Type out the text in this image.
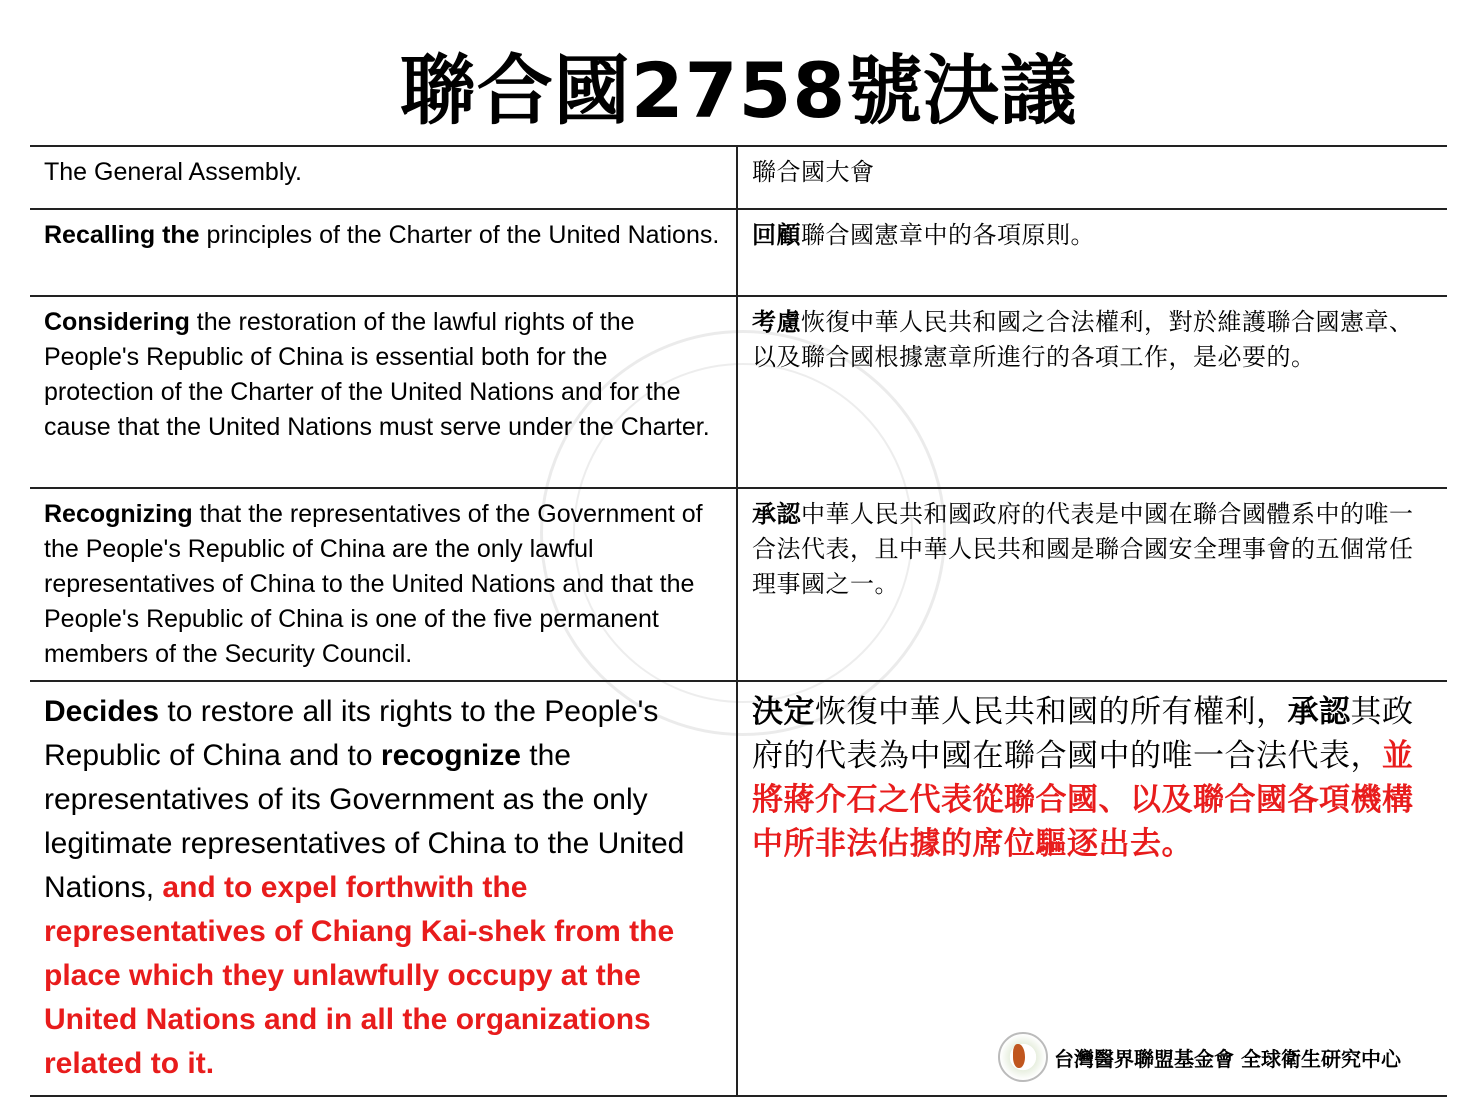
聯合國2758號決議
The General Assembly.	聯合國大會
Recalling the principles of the Charter of the United Nations.	回顧聯合國憲章中的各項原則。
Considering the restoration of the lawful rights of the People's Republic of China is essential both for the protection of the Charter of the United Nations and for the cause that the United Nations must serve under the Charter.
考慮恢復中華人民共和國之合法權利，對於維護聯合國憲章、以及聯合國根據憲章所進行的各項工作，是必要的。
Recognizing that the representatives of the Government of the People's Republic of China are the only lawful representatives of China to the United Nations and that the People's Republic of China is one of the five permanent members of the Security Council.
承認中華人民共和國政府的代表是中國在聯合國體系中的唯一合法代表，且中華人民共和國是聯合國安全理事會的五個常任理事國之一。
Decides to restore all its rights to the People's Republic of China and to recognize the representatives of its Government as the only legitimate representatives of China to the United Nations, and to expel forthwith the representatives of Chiang Kai-shek from the place which they unlawfully occupy at the United Nations and in all the organizations related to it.
決定恢復中華人民共和國的所有權利，承認其政府的代表為中國在聯合國中的唯一合法代表，並將蔣介石之代表從聯合國、以及聯合國各項機構中所非法佔據的席位驅逐出去。
台灣醫界聯盟基金會 全球衛生研究中心
